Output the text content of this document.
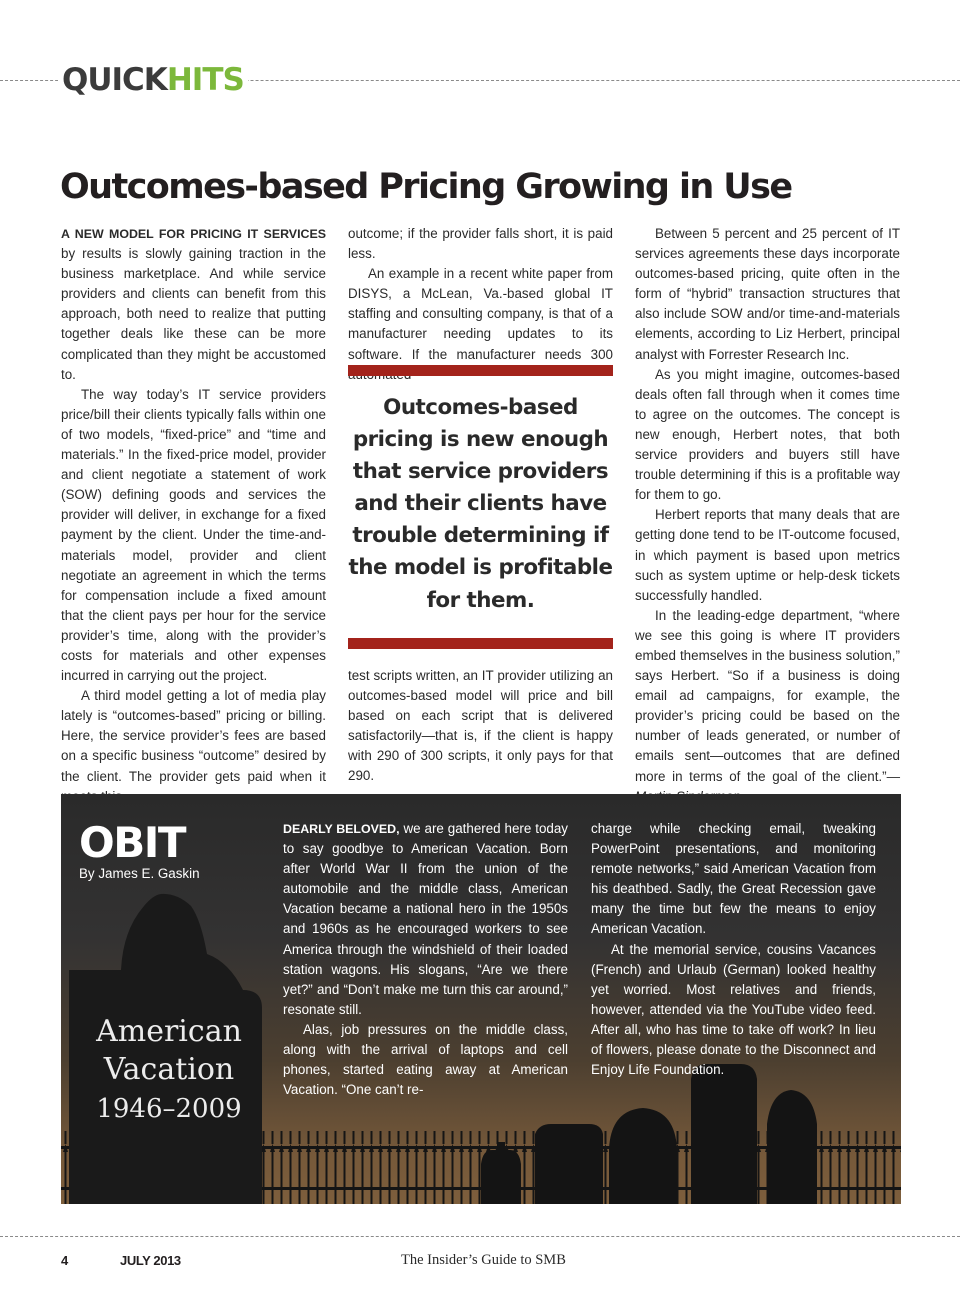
QUICKHITS
Outcomes-based Pricing Growing in Use

A NEW MODEL FOR PRICING IT SERVICES by results is slowly gaining traction in the business marketplace. And while service providers and clients can benefit from this approach, both need to realize that putting together deals like these can be more complicated than they might be accustomed to.

The way today’s IT service providers price/bill their clients typically falls within one of two models, “fixed-price” and “time and materials.” In the fixed-price model, provider and client negotiate a statement of work (SOW) defining goods and services the provider will deliver, in exchange for a fixed payment by the client. Under the time-and-materials model, provider and client negotiate an agreement in which the terms for compensation include a fixed amount that the client pays per hour for the service provider’s time, along with the provider’s costs for materials and other expenses incurred in carrying out the project.

A third model getting a lot of media play lately is “outcomes-based” pricing or billing. Here, the service provider’s fees are based on a specific business “outcome” desired by the client. The provider gets paid when it

outcome; if the provider falls short, it is paid less.

An example in a recent white paper from DISYS, a McLean, Va.-based global IT staffing and consulting company, is that of a manufacturer needing updates to its software. If the manufacturer needs 300

Outcomes-based pricing is new enough that service providers and their clients have trouble determining if the model is profitable for them.

test scripts written, an IT provider utilizing an outcomes-based model will price and bill based on each script that is delivered satisfactorily—that is, if the client is happy with 290 of 300 scripts, it only pays for that 290.

Between 5 percent and 25 percent of IT services agreements these days incorporate outcomes-based pricing, quite often in the form of “hybrid” transaction structures that also include SOW and/or time-and-materials elements, according to Liz Herbert, principal analyst with Forrester Research Inc.

As you might imagine, outcomes-based deals often fall through when it comes time to agree on the outcomes. The concept is new enough, Herbert notes, that both service providers and buyers still have trouble determining if this is a profitable way for them to go.

Herbert reports that many deals that are getting done tend to be IT-outcome focused, in which payment is based upon metrics such as system uptime or help-desk tickets successfully handled.

In the leading-edge department, “where we see this going is where IT providers embed themselves in the business solution,” says Herbert. “So if a business is doing email ad campaigns, for example, the provider’s pricing could be based on the number of leads generated, or number of emails sent—outcomes that are defined more in terms of the goal of the client.”—

American
Vacation
1946–2009
OBIT
By James E. Gaskin

DEARLY BELOVED, we are gathered here today to say goodbye to American Vacation. Born after World War II from the union of the automobile and the middle class, American Vacation became a national hero in the 1950s and 1960s as he encouraged workers to see America through the windshield of their loaded station wagons. His slogans, “Are we there yet?” and “Don’t make me turn this car around,” resonate still.

Alas, job pressures on the middle class, along with the arrival of laptops and cell phones, started eating away at American Vacation. “One can’t re-

charge while checking email, tweaking PowerPoint presentations, and monitoring remote networks,” said American Vacation from his deathbed. Sadly, the Great Recession gave many the time but few the means to enjoy American Vacation.

At the memorial service, cousins Vacances (French) and Urlaub (German) looked healthy yet worried. Most relatives and friends, however, attended via the YouTube video feed. After all, who has time to take off work? In lieu of flowers, please donate to the Disconnect and Enjoy Life Foundation.

4	JULY 2013	The Insider’s Guide to SMB
